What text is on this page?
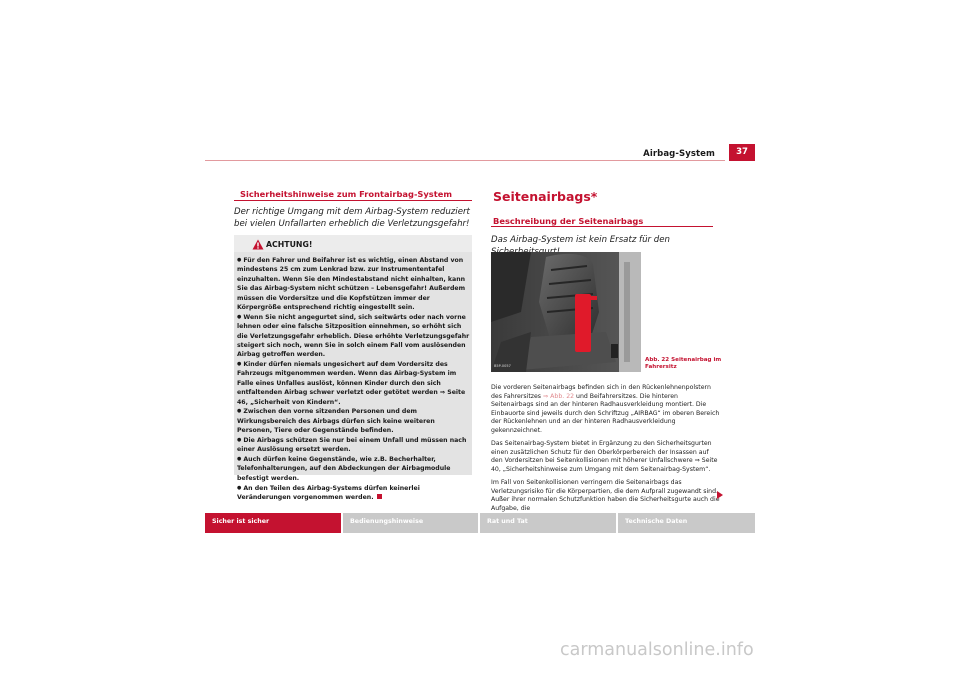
Airbag-System	37
Sicherheitshinweise zum Frontairbag-System
Der richtige Umgang mit dem Airbag-System reduziert bei vielen Unfallarten erheblich die Verletzungsgefahr!
ACHTUNG!

● Für den Fahrer und Beifahrer ist es wichtig, einen Abstand von mindestens 25 cm zum Lenkrad bzw. zur Instrumententafel einzuhalten. Wenn Sie den Mindestabstand nicht einhalten, kann Sie das Airbag-System nicht schützen – Lebensgefahr! Außerdem müssen die Vordersitze und die Kopfstützen immer der Körpergröße entsprechend richtig eingestellt sein.

● Wenn Sie nicht angegurtet sind, sich seitwärts oder nach vorne lehnen oder eine falsche Sitzposition einnehmen, so erhöht sich die Verletzungsgefahr erheblich. Diese erhöhte Verletzungsgefahr steigert sich noch, wenn Sie in solch einem Fall vom auslösenden Airbag getroffen werden.

● Kinder dürfen niemals ungesichert auf dem Vordersitz des Fahrzeugs mitgenommen werden. Wenn das Airbag-System im Falle eines Unfalles auslöst, können Kinder durch den sich entfaltenden Airbag schwer verletzt oder getötet werden ⇒ Seite 46, „Sicherheit von Kindern“.

● Zwischen den vorne sitzenden Personen und dem Wirkungsbereich des Airbags dürfen sich keine weiteren Personen, Tiere oder Gegenstände befinden.

● Die Airbags schützen Sie nur bei einem Unfall und müssen nach einer Auslösung ersetzt werden.

● Auch dürfen keine Gegenstände, wie z.B. Becherhalter, Telefonhalterungen, auf den Abdeckungen der Airbagmodule befestigt werden.

● An den Teilen des Airbag-Systems dürfen keinerlei Veränderungen vorgenommen werden.

Seitenairbags*
Beschreibung der Seitenairbags
Das Airbag-System ist kein Ersatz für den
B5P-0057
Abb. 22 Seitenairbag im
Fahrersitz

Die vorderen Seitenairbags befinden sich in den Rückenlehnenpolstern des Fahrersitzes ⇒ Abb. 22 und Beifahrersitzes. Die hinteren Seitenairbags sind an der hinteren Radhausverkleidung montiert. Die Einbauorte sind jeweils durch den Schriftzug „AIRBAG“ im oberen Bereich der Rückenlehnen und an der hinteren Radhausverkleidung gekennzeichnet.

Das Seitenairbag-System bietet in Ergänzung zu den Sicherheitsgurten einen zusätzlichen Schutz für den Oberkörperbereich der Insassen auf den Vordersitzen bei Seitenkollisionen mit höherer Unfallschwere ⇒ Seite 40, „Sicherheitshinweise zum Umgang mit dem Seitenairbag-System“.

Im Fall von Seitenkollisionen verringern die Seitenairbags das Verletzungsrisiko für die Körperpartien, die dem Aufprall zugewandt sind. Außer ihrer normalen Schutzfunktion haben die Sicherheitsgurte auch die Aufgabe, die

Sicher ist sicher	Bedienungshinweise	Rat und Tat	Technische Daten
carmanualsonline.info
